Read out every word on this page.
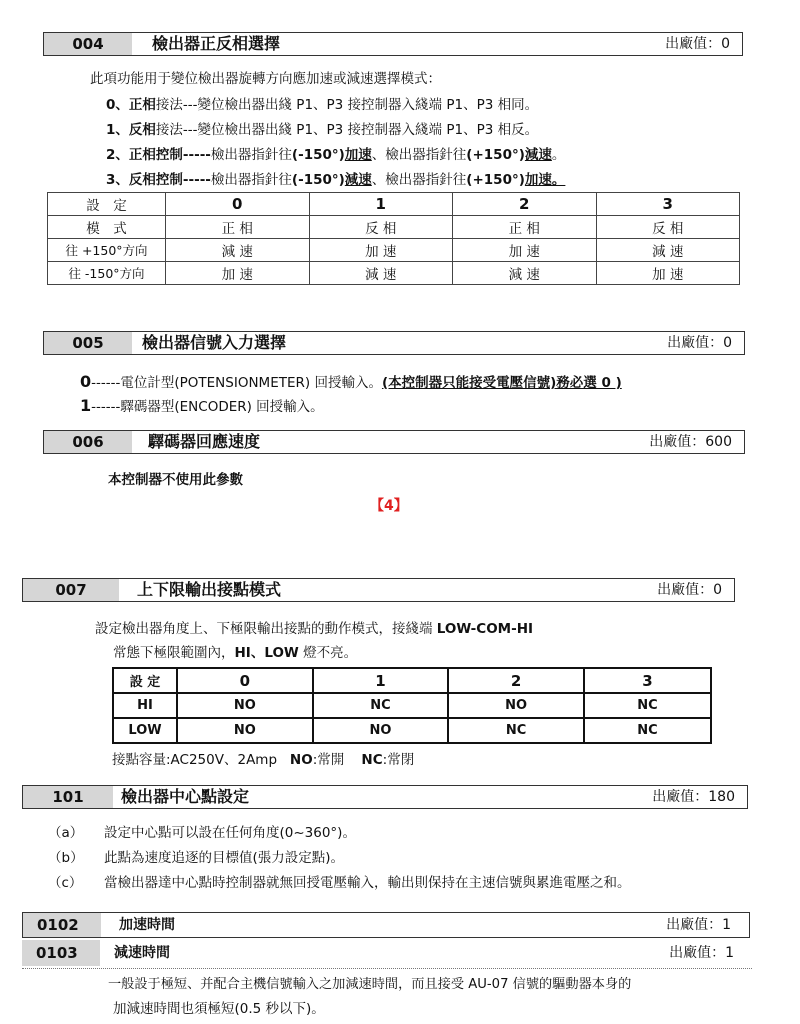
004	檢出器正反相選擇	出廠值：0
此項功能用于變位檢出器旋轉方向應加速或減速選擇模式：
0、正相接法---變位檢出器出綫 P1、P3 接控制器入綫端 P1、P3 相同。
1、反相接法---變位檢出器出綫 P1、P3 接控制器入綫端 P1、P3 相反。
2、正相控制-----檢出器指針往(-150°)加速、檢出器指針往(+150°)減速。
3、反相控制-----檢出器指針往(-150°)減速、檢出器指針往(+150°)加速。
設　定	0	1	2	3
模　式	正 相	反 相	正 相	反 相
往 +150°方向	減 速	加 速	加 速	減 速
往 -150°方向	加 速	減 速	減 速	加 速
005	檢出器信號入力選擇	出廠值：0
0------電位計型(POTENSIONMETER) 回授輸入。(本控制器只能接受電壓信號)務必選 0 )
1------驛碼器型(ENCODER) 回授輸入。
006	驛碼器回應速度	出廠值：600
本控制器不使用此參數
【4】
007	上下限輸出接點模式	出廠值：0
設定檢出器角度上、下極限輸出接點的動作模式，接綫端 LOW-COM-HI
常態下極限範圍內，HI、LOW 燈不亮。
設 定	0	1	2	3
HI	NO	NC	NO	NC
LOW	NO	NO	NC	NC
接點容量:AC250V、2Amp NO:常開 NC:常閉
101	檢出器中心點設定	出廠值：180
（a） 設定中心點可以設在任何角度(0~360°)。
（b） 此點為速度追逐的目標值(張力設定點)。
（c） 當檢出器達中心點時控制器就無回授電壓輸入，輸出則保持在主速信號與累進電壓之和。
0102	加速時間	出廠值：1
0103	減速時間	出廠值：1
一般設于極短、并配合主機信號輸入之加減速時間，而且接受 AU-07 信號的驅動器本身的
加減速時間也須極短(0.5 秒以下)。
